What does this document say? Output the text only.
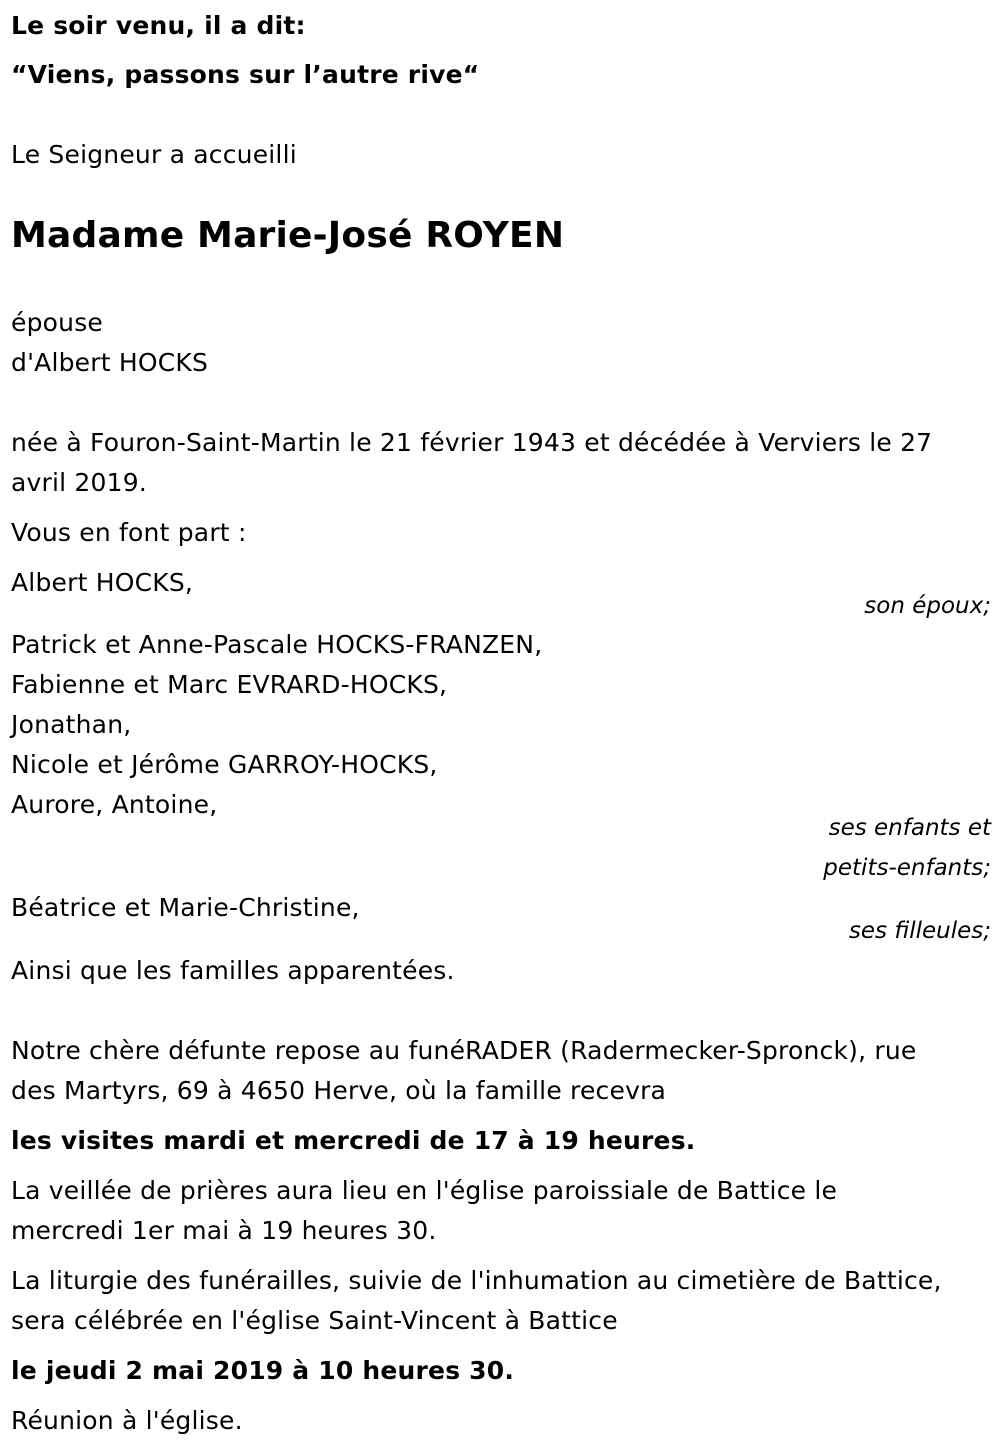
Le soir venu, il a dit:
“Viens, passons sur l’autre rive“
Le Seigneur a accueilli
Madame Marie-José ROYEN
épouse
d'Albert HOCKS
née à Fouron-Saint-Martin le 21 février 1943 et décédée à Verviers le 27
avril 2019.
Vous en font part :
Albert HOCKS,
son époux;
Patrick et Anne-Pascale HOCKS-FRANZEN,
Fabienne et Marc EVRARD-HOCKS,
Jonathan,
Nicole et Jérôme GARROY-HOCKS,
Aurore, Antoine,
ses enfants et
petits-enfants;
Béatrice et Marie-Christine,
ses filleules;
Ainsi que les familles apparentées.
Notre chère défunte repose au funéRADER (Radermecker-Spronck), rue
des Martyrs, 69 à 4650 Herve, où la famille recevra
les visites mardi et mercredi de 17 à 19 heures.
La veillée de prières aura lieu en l'église paroissiale de Battice le
mercredi 1er mai à 19 heures 30.
La liturgie des funérailles, suivie de l'inhumation au cimetière de Battice,
sera célébrée en l'église Saint-Vincent à Battice
le jeudi 2 mai 2019 à 10 heures 30.
Réunion à l'église.
